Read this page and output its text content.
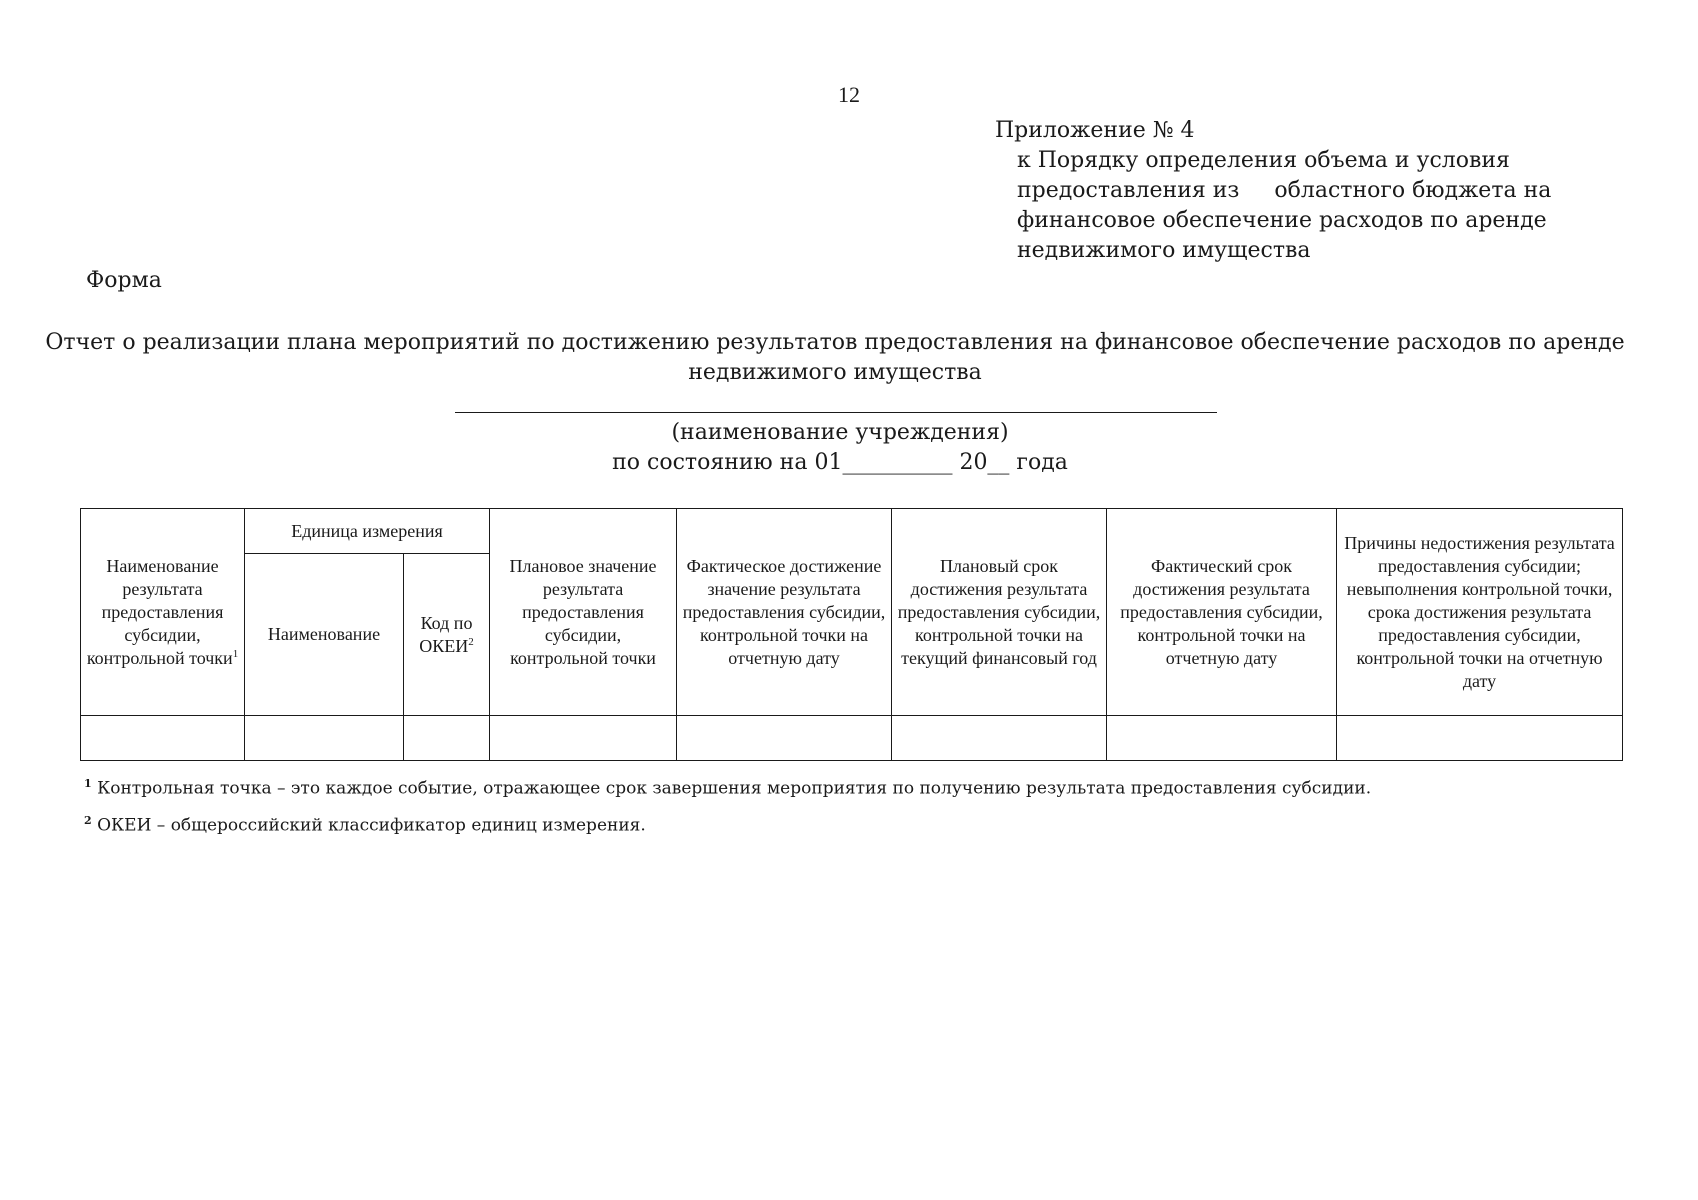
12
Приложение № 4
к Порядку определения объема и условия
предоставления из     областного бюджета на
финансовое обеспечение расходов по аренде
недвижимого имущества
Форма
Отчет о реализации плана мероприятий по достижению результатов предоставления на финансовое обеспечение расходов по аренде
недвижимого имущества
(наименование учреждения)
по состоянию на 01__________ 20__ года
Наименование результата предоставления субсидии, контрольной точки$^1$	Единица измерения		Плановое значение результата предоставления субсидии, контрольной точки	Фактическое достижение значение результата предоставления субсидии, контрольной точки на отчетную дату	Плановый срок достижения результата предоставления субсидии, контрольной точки на текущий финансовый год	Фактический срок достижения результата предоставления субсидии, контрольной точки на отчетную дату	Причины недостижения результата предоставления субсидии; невыполнения контрольной точки, срока достижения результата предоставления субсидии, контрольной точки на отчетную дату
	Наименование	Код по ОКЕИ$^2$

$^1$ Контрольная точка – это каждое событие, отражающее срок завершения мероприятия по получению результата предоставления субсидии.
$^2$ ОКЕИ – общероссийский классификатор единиц измерения.
